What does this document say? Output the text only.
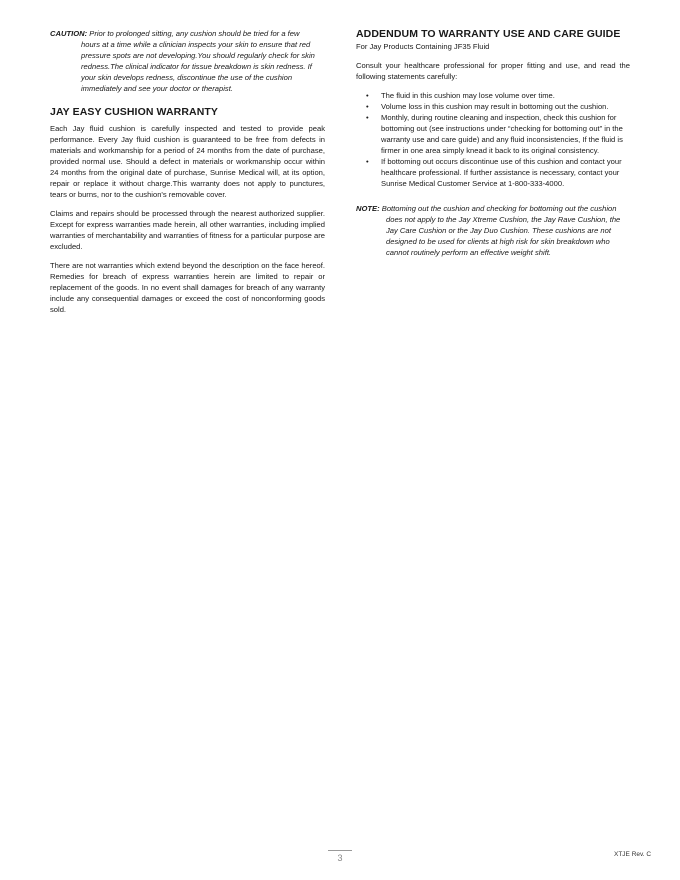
CAUTION: Prior to prolonged sitting, any cushion should be tried for a few
hours at a time while a clinician inspects your skin to ensure that red pressure spots are not developing.You should regularly check for skin redness.The clinical indicator for tissue breakdown is skin redness. If your skin develops redness, discontinue the use of the cushion immediately and see your doctor or therapist.

JAY EASY CUSHION WARRANTY

Each Jay fluid cushion is carefully inspected and tested to provide peak performance. Every Jay fluid cushion is guaranteed to be free from defects in materials and workmanship for a period of 24 months from the date of purchase, provided normal use. Should a defect in materials or workmanship occur within 24 months from the original date of purchase, Sunrise Medical will, at its option, repair or replace it without charge.This warranty does not apply to punctures, tears or burns, nor to the cushion's removable cover.

Claims and repairs should be processed through the nearest authorized supplier. Except for express warranties made herein, all other warranties, including implied warranties of merchantability and warranties of fitness for a particular purpose are excluded.

There are not warranties which extend beyond the description on the face hereof. Remedies for breach of express warranties herein are limited to repair or replacement of the goods. In no event shall damages for breach of any warranty include any consequential damages or exceed the cost of nonconforming goods sold.

ADDENDUM TO WARRANTY USE AND CARE GUIDE
For Jay Products Containing JF35 Fluid

Consult your healthcare professional for proper fitting and use, and read the following statements carefully:

• The fluid in this cushion may lose volume over time.
• Volume loss in this cushion may result in bottoming out the cushion.
• Monthly, during routine cleaning and inspection, check this cushion for bottoming out (see instructions under “checking for bottoming out” in the warranty use and care guide) and any fluid inconsistencies, If the fluid is firmer in one area simply knead it back to its original consistency.
• If bottoming out occurs discontinue use of this cushion and contact your healthcare professional. If further assistance is necessary, contact your Sunrise Medical Customer Service at 1-800-333-4000.

NOTE: Bottoming out the cushion and checking for bottoming out the cushion
does not apply to the Jay Xtreme Cushion, the Jay Rave Cushion, the Jay Care Cushion or the Jay Duo Cushion. These cushions are not designed to be used for clients at high risk for skin breakdown who cannot routinely perform an effective weight shift.

3	XTJE Rev. C
